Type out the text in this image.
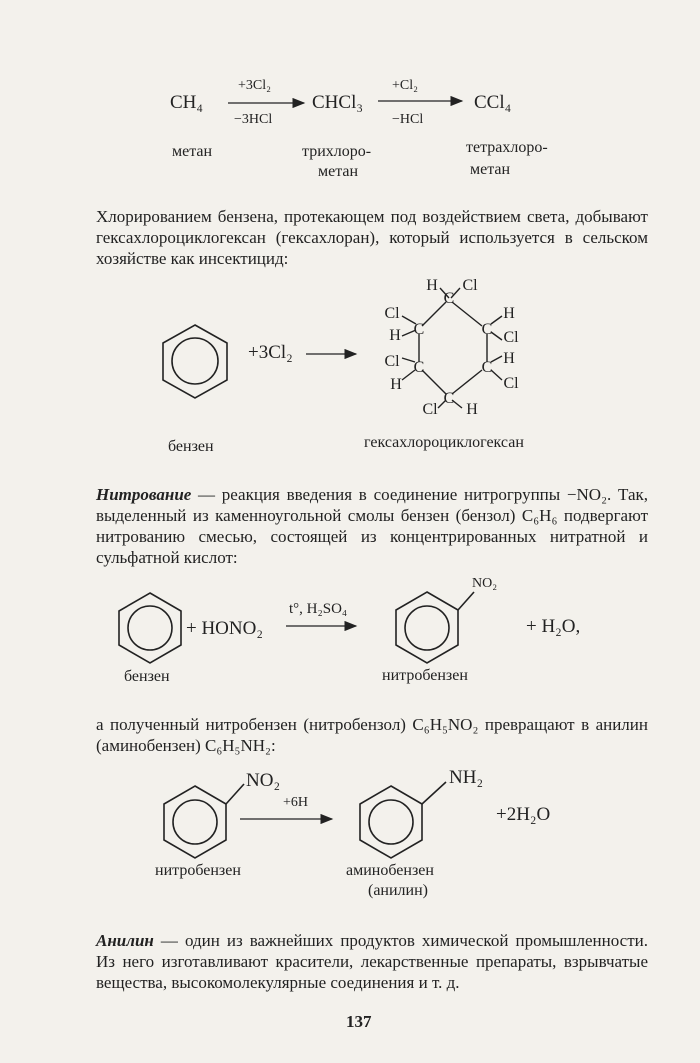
CH₄
+3Cl₂
−3HCl
CHCl₃
+Cl₂
−HCl
CCl₄
метан	трихлоро-
метан
тетрахлоро-
метан
Хлорированием бензена, протекающем под воздействием света, добывают гексахлороциклогексан (гексахлоран), который используется в сельском хозяйстве как инсектицид:
+3Cl₂
бензен	гексахлороциклогексан
Нитрование — реакция введения в соединение нитрогруппы −NO₂. Так, выделенный из каменноугольной смолы бензен (бензол) C₆H₆ подвергают нитрованию смесью, состоящей из концентрированных нитратной и сульфатной кислот:
+ HONO₂
t°, H₂SO₄
NO₂
+ H₂O,
бензен	нитробензен
а полученный нитробензен (нитробензол) C₆H₅NO₂ превращают в анилин (аминобензен) C₆H₅NH₂:
NO₂
+6H
NH₂
+2H₂O
нитробензен	аминобензен
(анилин)
Анилин — один из важнейших продуктов химической промышленности. Из него изготавливают красители, лекарственные препараты, взрывчатые вещества, высокомолекулярные соединения и т. д.
137
C
C
C
C
C
C
H Cl
Cl
H
H
Cl
Cl
H
H
Cl
Cl H
